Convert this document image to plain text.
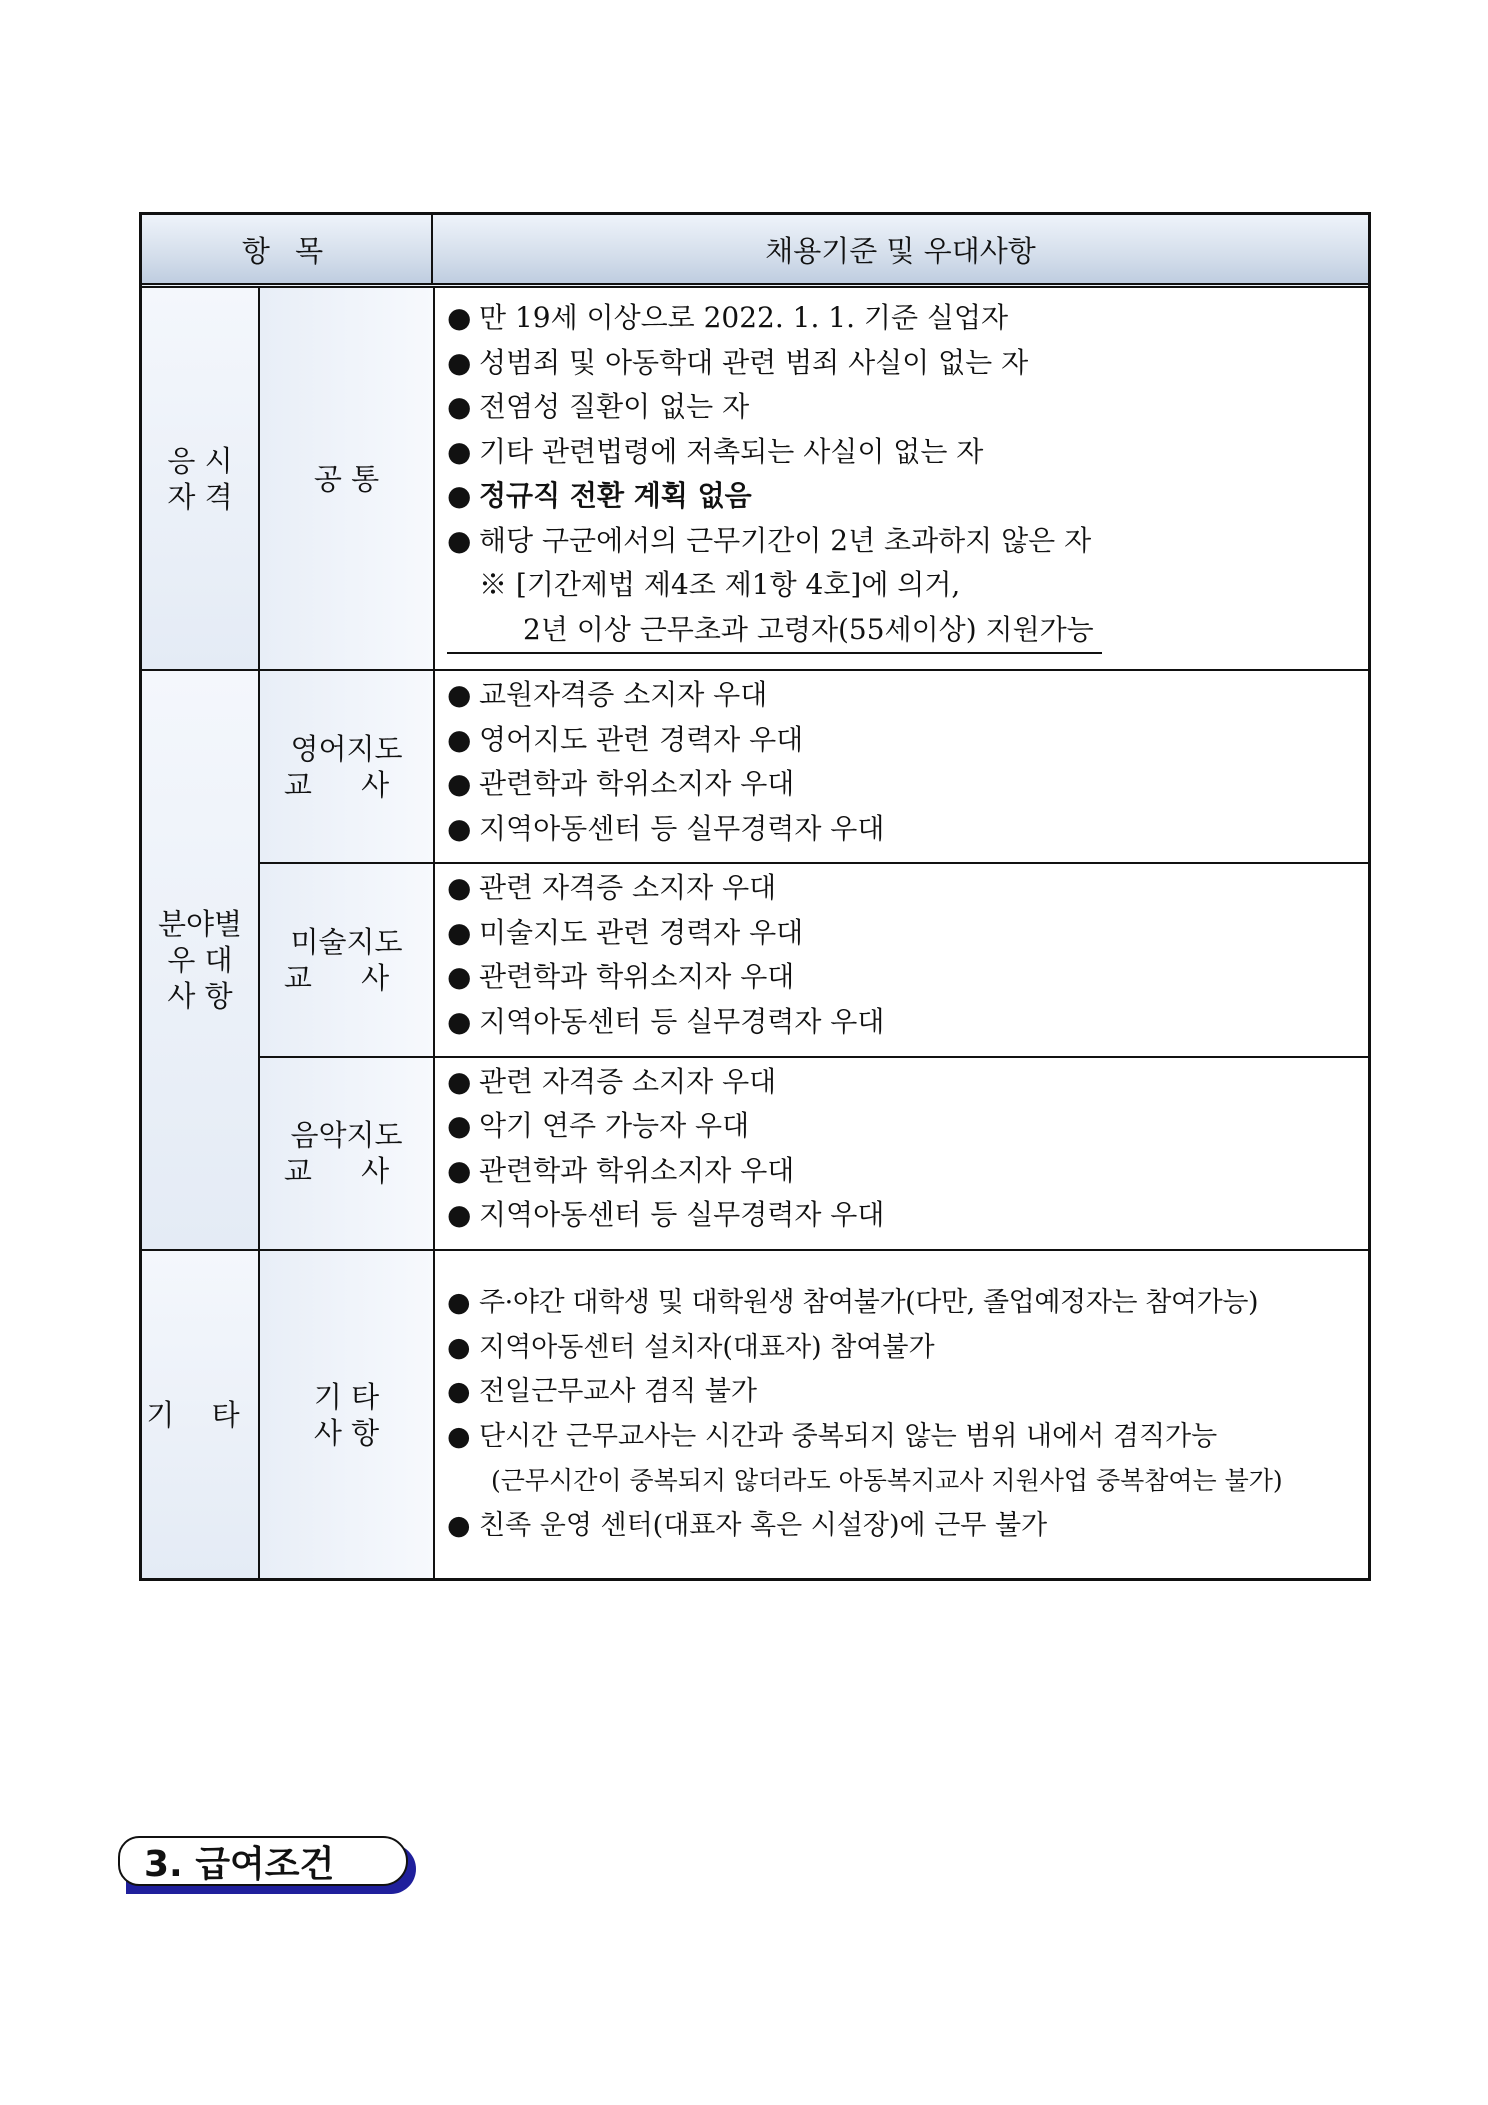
항 목	채용기준 및 우대사항
응 시
자 격
공 통
● 만 19세 이상으로 2022. 1. 1. 기준 실업자
● 성범죄 및 아동학대 관련 범죄 사실이 없는 자
● 전염성 질환이 없는 자
● 기타 관련법령에 저촉되는 사실이 없는 자
● 정규직 전환 계획 없음
● 해당 구군에서의 근무기간이 2년 초과하지 않은 자
※ [기간제법 제4조 제1항 4호]에 의거,
2년 이상 근무초과 고령자(55세이상) 지원가능
분야별
우 대
사 항
영어지도
교 사
● 교원자격증 소지자 우대
● 영어지도 관련 경력자 우대
● 관련학과 학위소지자 우대
● 지역아동센터 등 실무경력자 우대
미술지도
교 사
● 관련 자격증 소지자 우대
● 미술지도 관련 경력자 우대
● 관련학과 학위소지자 우대
● 지역아동센터 등 실무경력자 우대
음악지도
교 사
● 관련 자격증 소지자 우대
● 악기 연주 가능자 우대
● 관련학과 학위소지자 우대
● 지역아동센터 등 실무경력자 우대
기 타
기 타
사 항
● 주·야간 대학생 및 대학원생 참여불가(다만, 졸업예정자는 참여가능)
● 지역아동센터 설치자(대표자) 참여불가
● 전일근무교사 겸직 불가
● 단시간 근무교사는 시간과 중복되지 않는 범위 내에서 겸직가능
(근무시간이 중복되지 않더라도 아동복지교사 지원사업 중복참여는 불가)
● 친족 운영 센터(대표자 혹은 시설장)에 근무 불가
3. 급여조건
